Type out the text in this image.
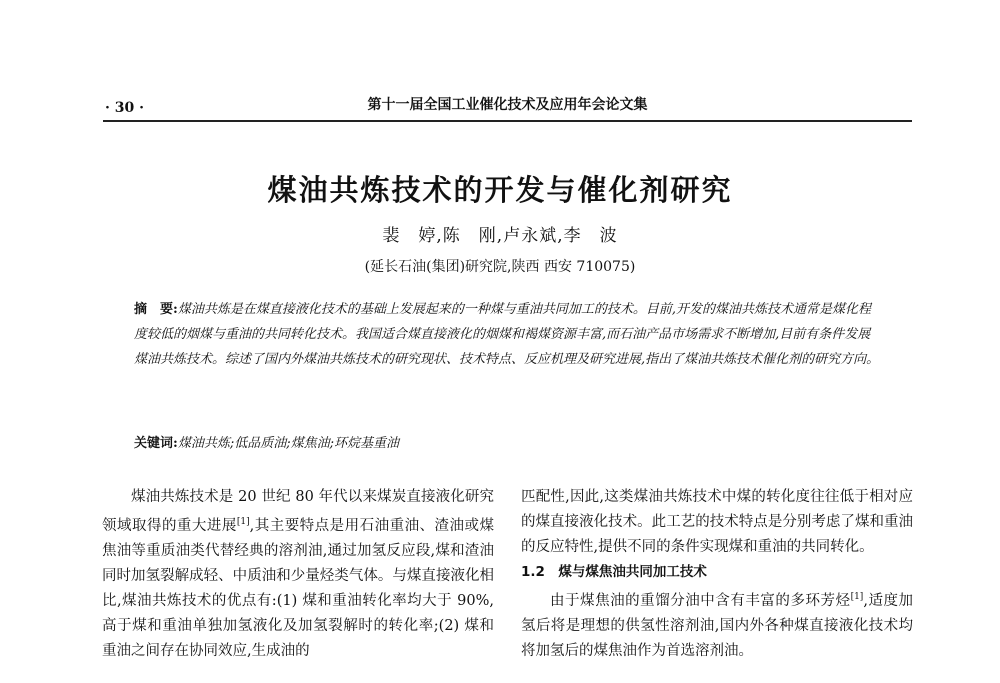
· 30 ·	第十一届全国工业催化技术及应用年会论文集
煤油共炼技术的开发与催化剂研究
裴　婷,陈　刚,卢永斌,李　波
(延长石油(集团)研究院,陕西 西安 710075)
摘　要:煤油共炼是在煤直接液化技术的基础上发展起来的一种煤与重油共同加工的技术。目前,开发的煤油共炼技术通常是煤化程度较低的烟煤与重油的共同转化技术。我国适合煤直接液化的烟煤和褐煤资源丰富,而石油产品市场需求不断增加,目前有条件发展煤油共炼技术。综述了国内外煤油共炼技术的研究现状、技术特点、反应机理及研究进展,指出了煤油共炼技术催化剂的研究方向。
关键词:煤油共炼;低品质油;煤焦油;环烷基重油

煤油共炼技术是 20 世纪 80 年代以来煤炭直接液化研究领域取得的重大进展[1],其主要特点是用石油重油、渣油或煤焦油等重质油类代替经典的溶剂油,通过加氢反应段,煤和渣油同时加氢裂解成轻、中质油和少量烃类气体。与煤直接液化相比,煤油共炼技术的优点有:(1) 煤和重油转化率均大于 90%,高于煤和重油单独加氢液化及加氢裂解时的转化率;(2) 煤和重油之间存在协同效应,生成油的

匹配性,因此,这类煤油共炼技术中煤的转化度往往低于相对应的煤直接液化技术。此工艺的技术特点是分别考虑了煤和重油的反应特性,提供不同的条件实现煤和重油的共同转化。

1.2　煤与煤焦油共同加工技术

由于煤焦油的重馏分油中含有丰富的多环芳烃[1],适度加氢后将是理想的供氢性溶剂油,国内外各种煤直接液化技术均将加氢后的煤焦油作为首选溶剂油。
